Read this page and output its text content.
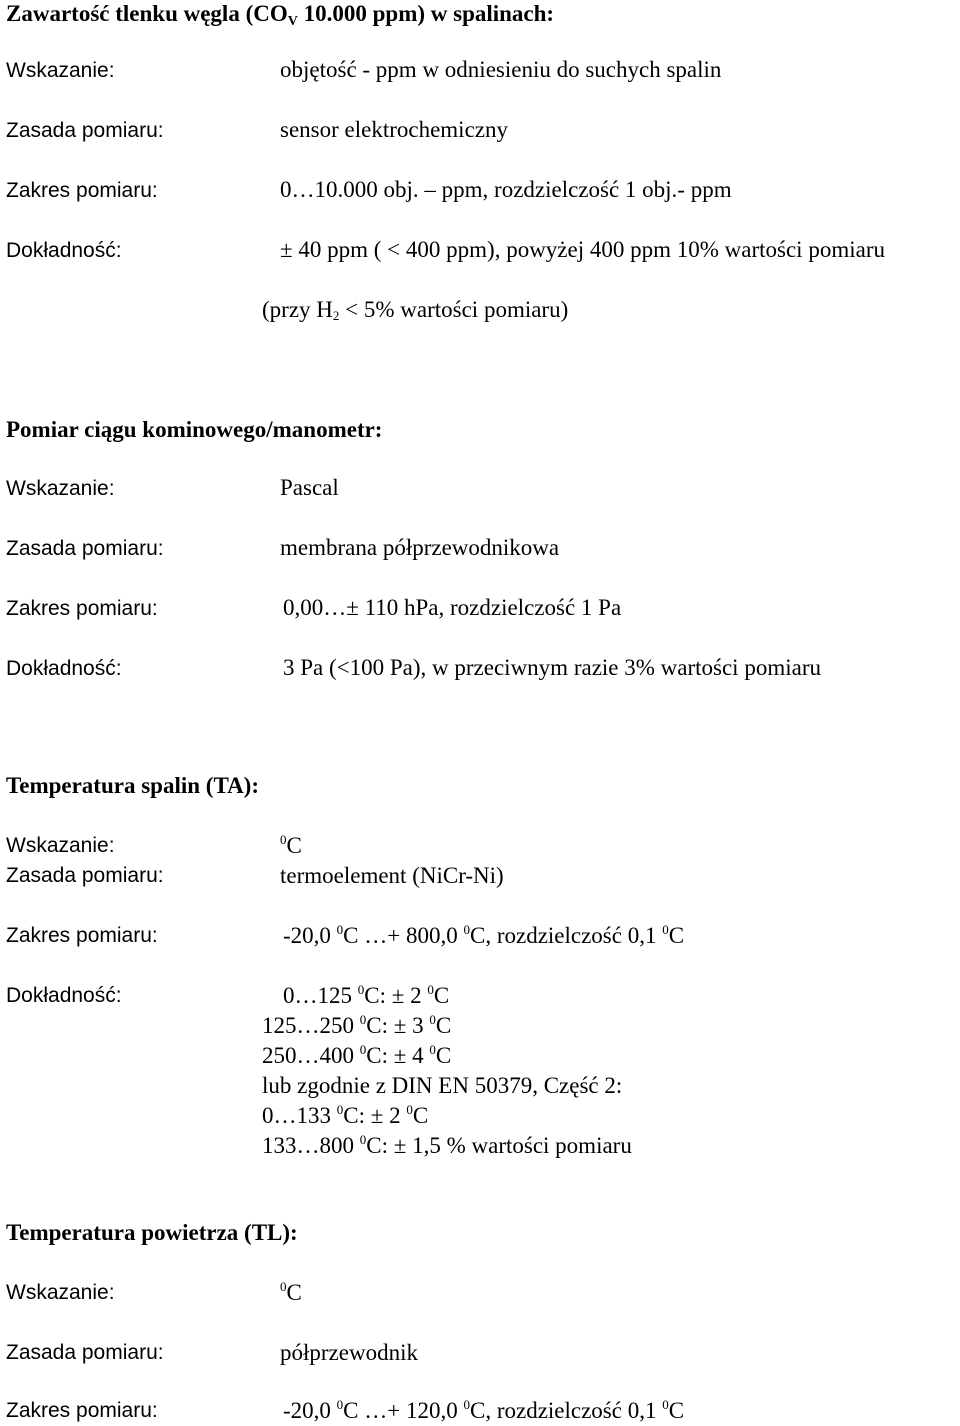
Zawartość tlenku węgla (COV 10.000 ppm) w spalinach:
Wskazanie:	objętość - ppm w odniesieniu do suchych spalin
Zasada pomiaru:	sensor elektrochemiczny
Zakres pomiaru:	0…10.000 obj. – ppm, rozdzielczość 1 obj.- ppm
Dokładność:	± 40 ppm ( < 400 ppm), powyżej 400 ppm 10% wartości pomiaru
(przy $H_2 < 5\%$ wartości pomiaru)
Pomiar ciągu kominowego/manometr:
Wskazanie:	Pascal
Zasada pomiaru:	membrana półprzewodnikowa
Zakres pomiaru:	0,00…± 110 hPa, rozdzielczość 1 Pa
Dokładność:	3 Pa (<100 Pa), w przeciwnym razie 3% wartości pomiaru
Temperatura spalin (TA):
Wskazanie:	$^0$C
Zasada pomiaru:	termoelement (NiCr-Ni)
Zakres pomiaru:	-20,0 $^0$C …+ 800,0 $^0$C, rozdzielczość 0,1 $^0$C
Dokładność:	0…125 $^0$C: ± 2 $^0$C
125…250 $^0$C: ± 3 $^0$C
250…400 $^0$C: ± 4 $^0$C
lub zgodnie z DIN EN 50379, Część 2:
0…133 $^0$C: ± 2 $^0$C
133…800 $^0$C: ± 1,5 % wartości pomiaru
Temperatura powietrza (TL):
Wskazanie:	$^0$C
Zasada pomiaru:	półprzewodnik
Zakres pomiaru:	-20,0 $^0$C …+ 120,0 $^0$C, rozdzielczość 0,1 $^0$C
